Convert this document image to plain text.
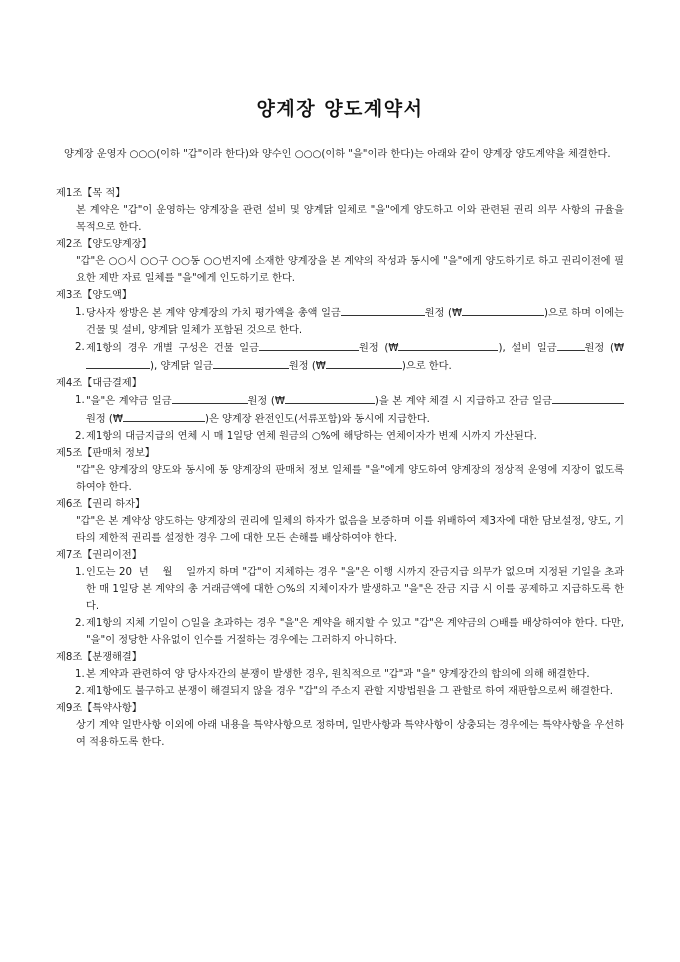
양계장 양도계약서
양계장 운영자 ○○○(이하 "갑"이라 한다)와 양수인 ○○○(이하 "을"이라 한다)는 아래와 같이 양계장 양도계약을 체결한다.
제1조【목 적】
본 계약은 "갑"이 운영하는 양계장을 관련 설비 및 양계닭 일체로 "을"에게 양도하고 이와 관련된 권리 의무 사항의 규율을 목적으로 한다.
제2조【양도양계장】
"갑"은 ○○시 ○○구 ○○동 ○○번지에 소재한 양계장을 본 계약의 작성과 동시에 "을"에게 양도하기로 하고 권리이전에 필요한 제반 자료 일체를 "을"에게 인도하기로 한다.
제3조【양도액】
1. 당사자 쌍방은 본 계약 양계장의 가치 평가액을 총액 일금	원정 (₩	)으로 하며 이에는 건물 및 설비, 양계닭 일체가 포함된 것으로 한다.
2. 제1항의 경우 개별 구성은 건물 일금	원정 (₩	), 설비 일금	원정 (₩), 양계닭 일금	원정 (₩	)으로 한다.
제4조【대금결제】
1. "을"은 계약금 일금	원정 (₩	)을 본 계약 체결 시 지급하고 잔금 일금원정 (₩	)은 양계장 완전인도(서류포함)와 동시에 지급한다.
2. 제1항의 대금지급의 연체 시 매 1일당 연체 원금의 ○%에 해당하는 연체이자가 변제 시까지 가산된다.
제5조【판매처 정보】
"갑"은 양계장의 양도와 동시에 동 양계장의 판매처 정보 일체를 "을"에게 양도하여 양계장의 정상적 운영에 지장이 없도록 하여야 한다.
제6조【권리 하자】
"갑"은 본 계약상 양도하는 양계장의 권리에 일체의 하자가 없음을 보증하며 이를 위배하여 제3자에 대한 담보설정, 양도, 기타의 제한적 권리를 설정한 경우 그에 대한 모든 손해를 배상하여야 한다.
제7조【권리이전】
1. 인도는 20  년    월    일까지 하며 "갑"이 지체하는 경우 "을"은 이행 시까지 잔금지급 의무가 없으며 지정된 기일을 초과한 매 1일당 본 계약의 총 거래금액에 대한 ○%의 지체이자가 발생하고 "을"은 잔금 지급 시 이를 공제하고 지급하도록 한다.
2. 제1항의 지체 기일이 ○일을 초과하는 경우 "을"은 계약을 해지할 수 있고 "갑"은 계약금의 ○배를 배상하여야 한다. 다만, "을"이 정당한 사유없이 인수를 거절하는 경우에는 그러하지 아니하다.
제8조【분쟁해결】
1. 본 계약과 관련하여 양 당사자간의 분쟁이 발생한 경우, 원칙적으로 "갑"과 "을" 양계장간의 합의에 의해 해결한다.
2. 제1항에도 불구하고 분쟁이 해결되지 않을 경우 "갑"의 주소지 관할 지방법원을 그 관할로 하여 재판함으로써 해결한다.
제9조【특약사항】
상기 계약 일반사항 이외에 아래 내용을 특약사항으로 정하며, 일반사항과 특약사항이 상충되는 경우에는 특약사항을 우선하여 적용하도록 한다.
